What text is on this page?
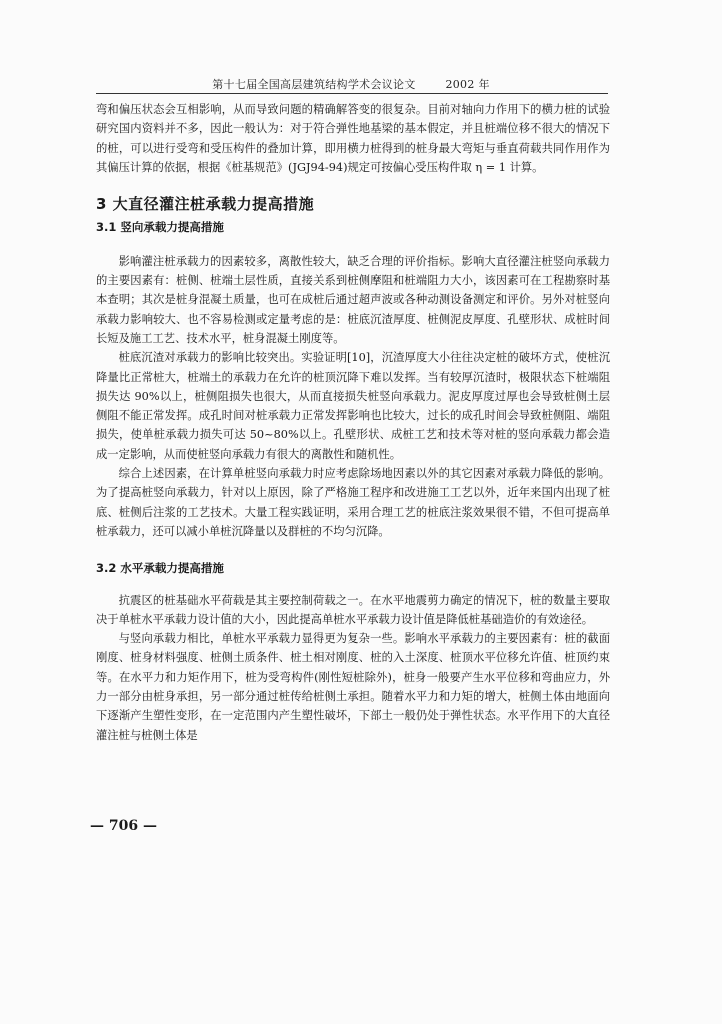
第十七届全国高层建筑结构学术会议论文	2002 年

弯和偏压状态会互相影响，从而导致问题的精确解答变的很复杂。目前对轴向力作用下的横力桩的试验研究国内资料并不多，因此一般认为：对于符合弹性地基梁的基本假定，并且桩端位移不很大的情况下的桩，可以进行受弯和受压构件的叠加计算，即用横力桩得到的桩身最大弯矩与垂直荷载共同作用作为其偏压计算的依据，根据《桩基规范》(JGJ94-94)规定可按偏心受压构件取 η = 1 计算。

3 大直径灌注桩承载力提高措施
3.1 竖向承载力提高措施

影响灌注桩承载力的因素较多，离散性较大，缺乏合理的评价指标。影响大直径灌注桩竖向承载力的主要因素有：桩侧、桩端土层性质，直接关系到桩侧摩阻和桩端阻力大小，该因素可在工程勘察时基本查明；其次是桩身混凝土质量，也可在成桩后通过超声波或各种动测设备测定和评价。另外对桩竖向承载力影响较大、也不容易检测或定量考虑的是：桩底沉渣厚度、桩侧泥皮厚度、孔壁形状、成桩时间长短及施工工艺、技术水平，桩身混凝土刚度等。

桩底沉渣对承载力的影响比较突出。实验证明[10]，沉渣厚度大小往往决定桩的破坏方式，使桩沉降量比正常桩大，桩端土的承载力在允许的桩顶沉降下难以发挥。当有较厚沉渣时，极限状态下桩端阻损失达 90%以上，桩侧阻损失也很大，从而直接损失桩竖向承载力。泥皮厚度过厚也会导致桩侧土层侧阻不能正常发挥。成孔时间对桩承载力正常发挥影响也比较大，过长的成孔时间会导致桩侧阻、端阻损失，使单桩承载力损失可达 50~80%以上。孔壁形状、成桩工艺和技术等对桩的竖向承载力都会造成一定影响，从而使桩竖向承载力有很大的离散性和随机性。

综合上述因素，在计算单桩竖向承载力时应考虑除场地因素以外的其它因素对承载力降低的影响。为了提高桩竖向承载力，针对以上原因，除了严格施工程序和改进施工工艺以外，近年来国内出现了桩底、桩侧后注浆的工艺技术。大量工程实践证明，采用合理工艺的桩底注浆效果很不错，不但可提高单桩承载力，还可以减小单桩沉降量以及群桩的不均匀沉降。

3.2 水平承载力提高措施

抗震区的桩基础水平荷载是其主要控制荷载之一。在水平地震剪力确定的情况下，桩的数量主要取决于单桩水平承载力设计值的大小，因此提高单桩水平承载力设计值是降低桩基础造价的有效途径。

与竖向承载力相比，单桩水平承载力显得更为复杂一些。影响水平承载力的主要因素有：桩的截面刚度、桩身材料强度、桩侧土质条件、桩土相对刚度、桩的入土深度、桩顶水平位移允许值、桩顶约束等。在水平力和力矩作用下，桩为受弯构件(刚性短桩除外)，桩身一般要产生水平位移和弯曲应力，外力一部分由桩身承担，另一部分通过桩传给桩侧土承担。随着水平力和力矩的增大，桩侧土体由地面向下逐渐产生塑性变形，在一定范围内产生塑性破坏，下部土一般仍处于弹性状态。水平作用下的大直径灌注桩与桩侧土体是

— 706 —
